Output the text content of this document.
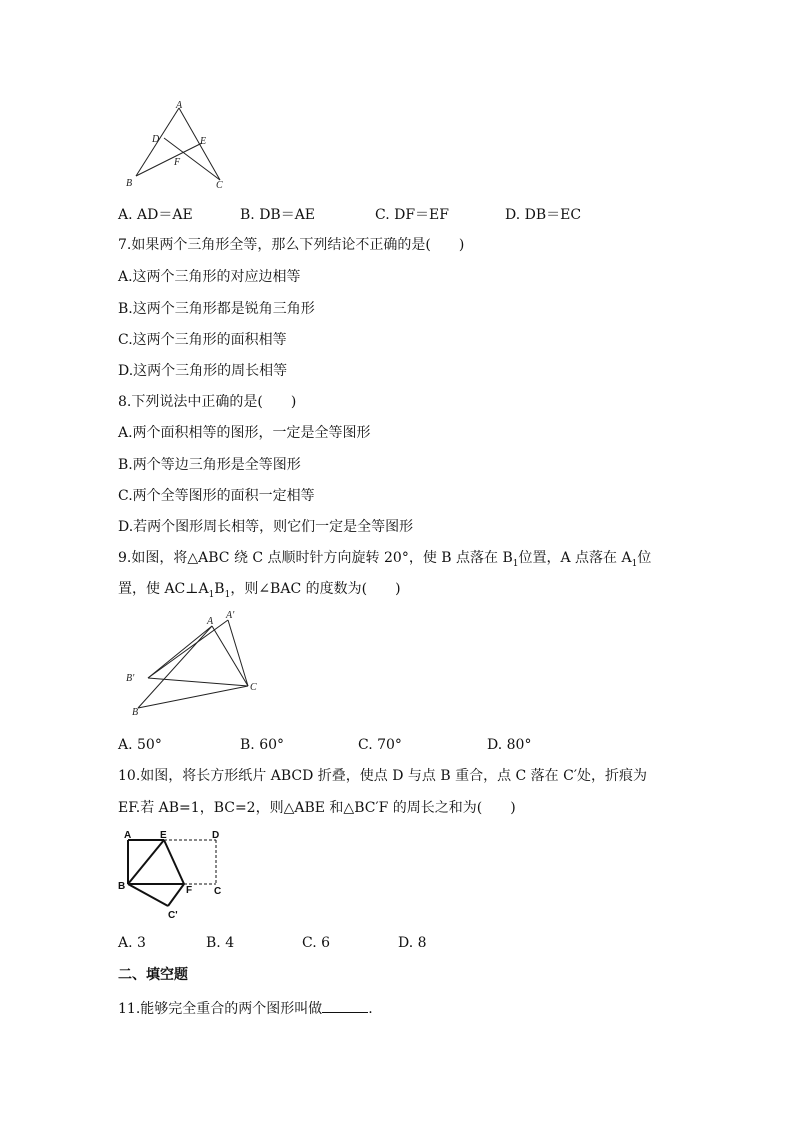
A
D	E
F
B	C
A. AD＝AE	B. DB＝AE	C. DF＝EF	D. DB＝EC
7.如果两个三角形全等，那么下列结论不正确的是(　　)
A.这两个三角形的对应边相等
B.这两个三角形都是锐角三角形
C.这两个三角形的面积相等
D.这两个三角形的周长相等
8.下列说法中正确的是(　　)
A.两个面积相等的图形，一定是全等图形
B.两个等边三角形是全等图形
C.两个全等图形的面积一定相等
D.若两个图形周长相等，则它们一定是全等图形
9.如图，将△ABC 绕 C 点顺时针方向旋转 20°，使 B 点落在 $B_1$位置，A 点落在 $A_1$位
置，使 $AC\perp A_1B_1$，则∠BAC 的度数为(　　)
A
A'
B'
C
B
A. 50°	B. 60°	C. 70°	D. 80°
10.如图，将长方形纸片 ABCD 折叠，使点 D 与点 B 重合，点 C 落在 C′处，折痕为
EF.若 AB=1，BC=2，则△ABE 和△BC′F 的周长之和为(　　)
A	E	D
B	F C
C'
A. 3	B. 4	C. 6	D. 8
二、填空题
11.能够完全重合的两个图形叫做	.
